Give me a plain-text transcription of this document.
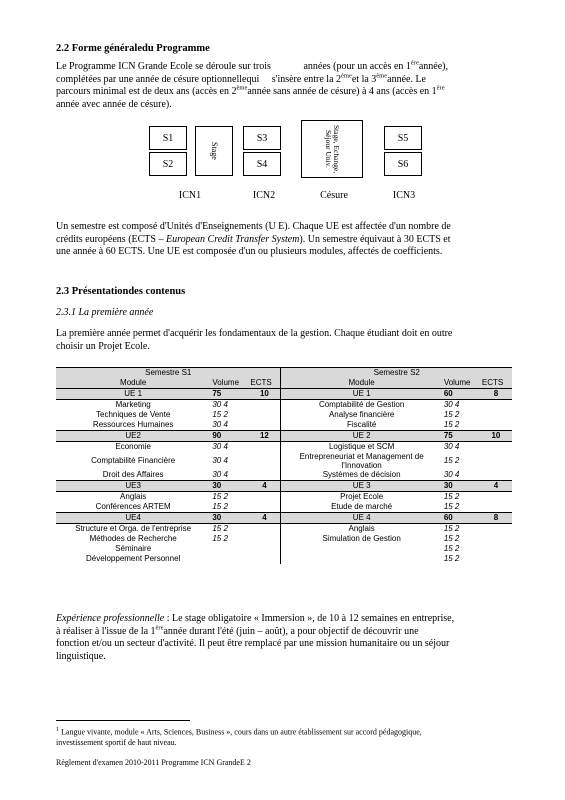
2.2 Forme généraledu Programme
Le Programme ICN Grande Ecole se déroule sur trois	années (pour un accès en 1èreannée),
complétées par une année de césure optionnellequi s'insère entre la 2èmeet la 3èmeannée. Le
parcours minimal est de deux ans (accès en 2èmeannée sans année de césure) à 4 ans (accès en 1ère
année avec année de césure).
S1
S2
Stage
S3
S4	Stage, Echange, Séjour Univ.	S5
S6
ICN1	ICN2	Césure	ICN3
Un semestre est composé d'Unités d'Enseignements (U E). Chaque UE est affectée d'un nombre de
crédits européens (ECTS – European Credit Transfer System). Un semestre équivaut à 30 ECTS et
une année à 60 ECTS. Une UE est composée d'un ou plusieurs modules, affectés de coefficients.
2.3 Présentationdes contenus
2.3.1 La première année
La première année permet d'acquérir les fondamentaux de la gestion. Chaque étudiant doit en outre
choisir un Projet Ecole.
Semestre S1			Semestre S2		
Module	Volume	ECTS	Module	Volume	ECTS
UE 1	75	10	UE 1	60	8
Marketing	30 4		Comptabilité de Gestion	30 4	
Techniques de Vente	15 2		Analyse financière	15 2	
Ressources Humaines	30 4		Fiscalité	15 2	
UE2	90	12	UE 2	75	10
Economie	30 4		Logistique et SCM	30 4	
Comptabilité Financière	30 4		Entrepreneuriat et Management de l'Innovation	15 2	
Droit des Affaires	30 4		Systèmes de décision	30 4	
UE3	30	4	UE 3	30	4
Anglais	15 2		Projet Ecole	15 2	
Conférences ARTEM	15 2		Etude de marché	15 2	
UE4	30	4	UE 4	60	8
Structure et Orga. de l'entreprise	15 2		Anglais	15 2	
Méthodes de Recherche	15 2		Simulation de Gestion	15 2	
Séminaire				15 2	
Développement Personnel				15 2	
Expérience professionnelle : Le stage obligatoire « Immersion », de 10 à 12 semaines en entreprise,
à réaliser à l'issue de la 1èreannée durant l'été (juin – août), a pour objectif de découvrir une
fonction et/ou un secteur d'activité. Il peut être remplacé par une mission humanitaire ou un séjour
linguistique.
$^1$ Langue vivante, module « Arts, Sciences, Business », cours dans un autre établissement sur accord pédagogique,
investissement sportif de haut niveau.
Règlement d'examen 2010-2011 Programme ICN GrandeE 2
